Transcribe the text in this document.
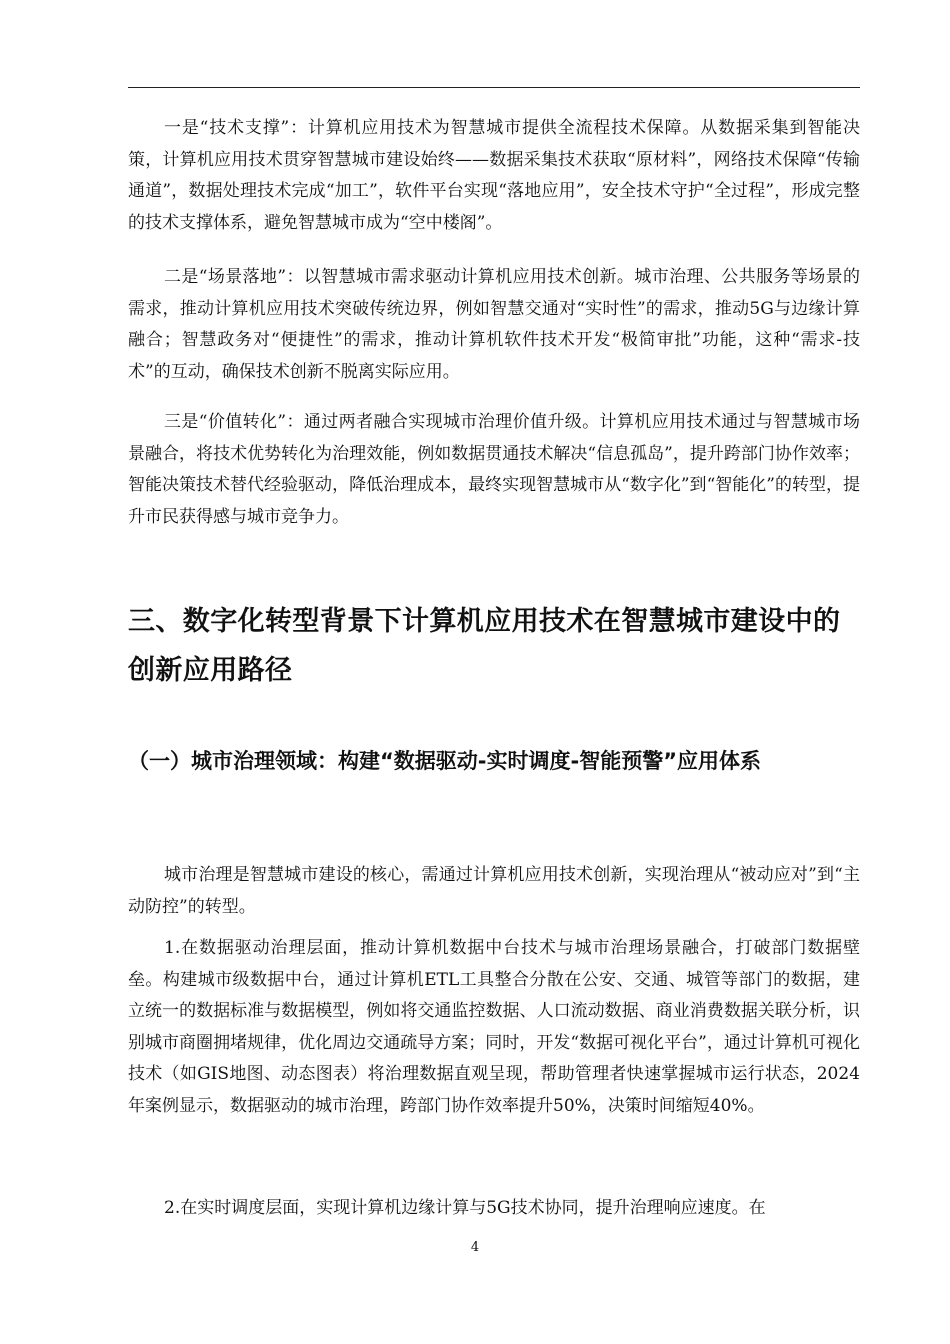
一是“技术支撑”：计算机应用技术为智慧城市提供全流程技术保障。从数据采集到智能决策，计算机应用技术贯穿智慧城市建设始终——数据采集技术获取“原材料”，网络技术保障“传输通道”，数据处理技术完成“加工”，软件平台实现“落地应用”，安全技术守护“全过程”，形成完整的技术支撑体系，避免智慧城市成为“空中楼阁”。

二是“场景落地”：以智慧城市需求驱动计算机应用技术创新。城市治理、公共服务等场景的需求，推动计算机应用技术突破传统边界，例如智慧交通对“实时性”的需求，推动5G与边缘计算融合；智慧政务对“便捷性”的需求，推动计算机软件技术开发“极简审批”功能，这种“需求-技术”的互动，确保技术创新不脱离实际应用。

三是“价值转化”：通过两者融合实现城市治理价值升级。计算机应用技术通过与智慧城市场景融合，将技术优势转化为治理效能，例如数据贯通技术解决“信息孤岛”，提升跨部门协作效率；智能决策技术替代经验驱动，降低治理成本，最终实现智慧城市从“数字化”到“智能化”的转型，提升市民获得感与城市竞争力。

三、数字化转型背景下计算机应用技术在智慧城市建设中的创新应用路径
（一）城市治理领域：构建“数据驱动-实时调度-智能预警”应用体系

城市治理是智慧城市建设的核心，需通过计算机应用技术创新，实现治理从“被动应对”到“主动防控”的转型。

1.在数据驱动治理层面，推动计算机数据中台技术与城市治理场景融合，打破部门数据壁垒。构建城市级数据中台，通过计算机ETL工具整合分散在公安、交通、城管等部门的数据，建立统一的数据标准与数据模型，例如将交通监控数据、人口流动数据、商业消费数据关联分析，识别城市商圈拥堵规律，优化周边交通疏导方案；同时，开发“数据可视化平台”，通过计算机可视化技术（如GIS地图、动态图表）将治理数据直观呈现，帮助管理者快速掌握城市运行状态，2024年案例显示，数据驱动的城市治理，跨部门协作效率提升50%，决策时间缩短40%。

2.在实时调度层面，实现计算机边缘计算与5G技术协同，提升治理响应速度。在

4
